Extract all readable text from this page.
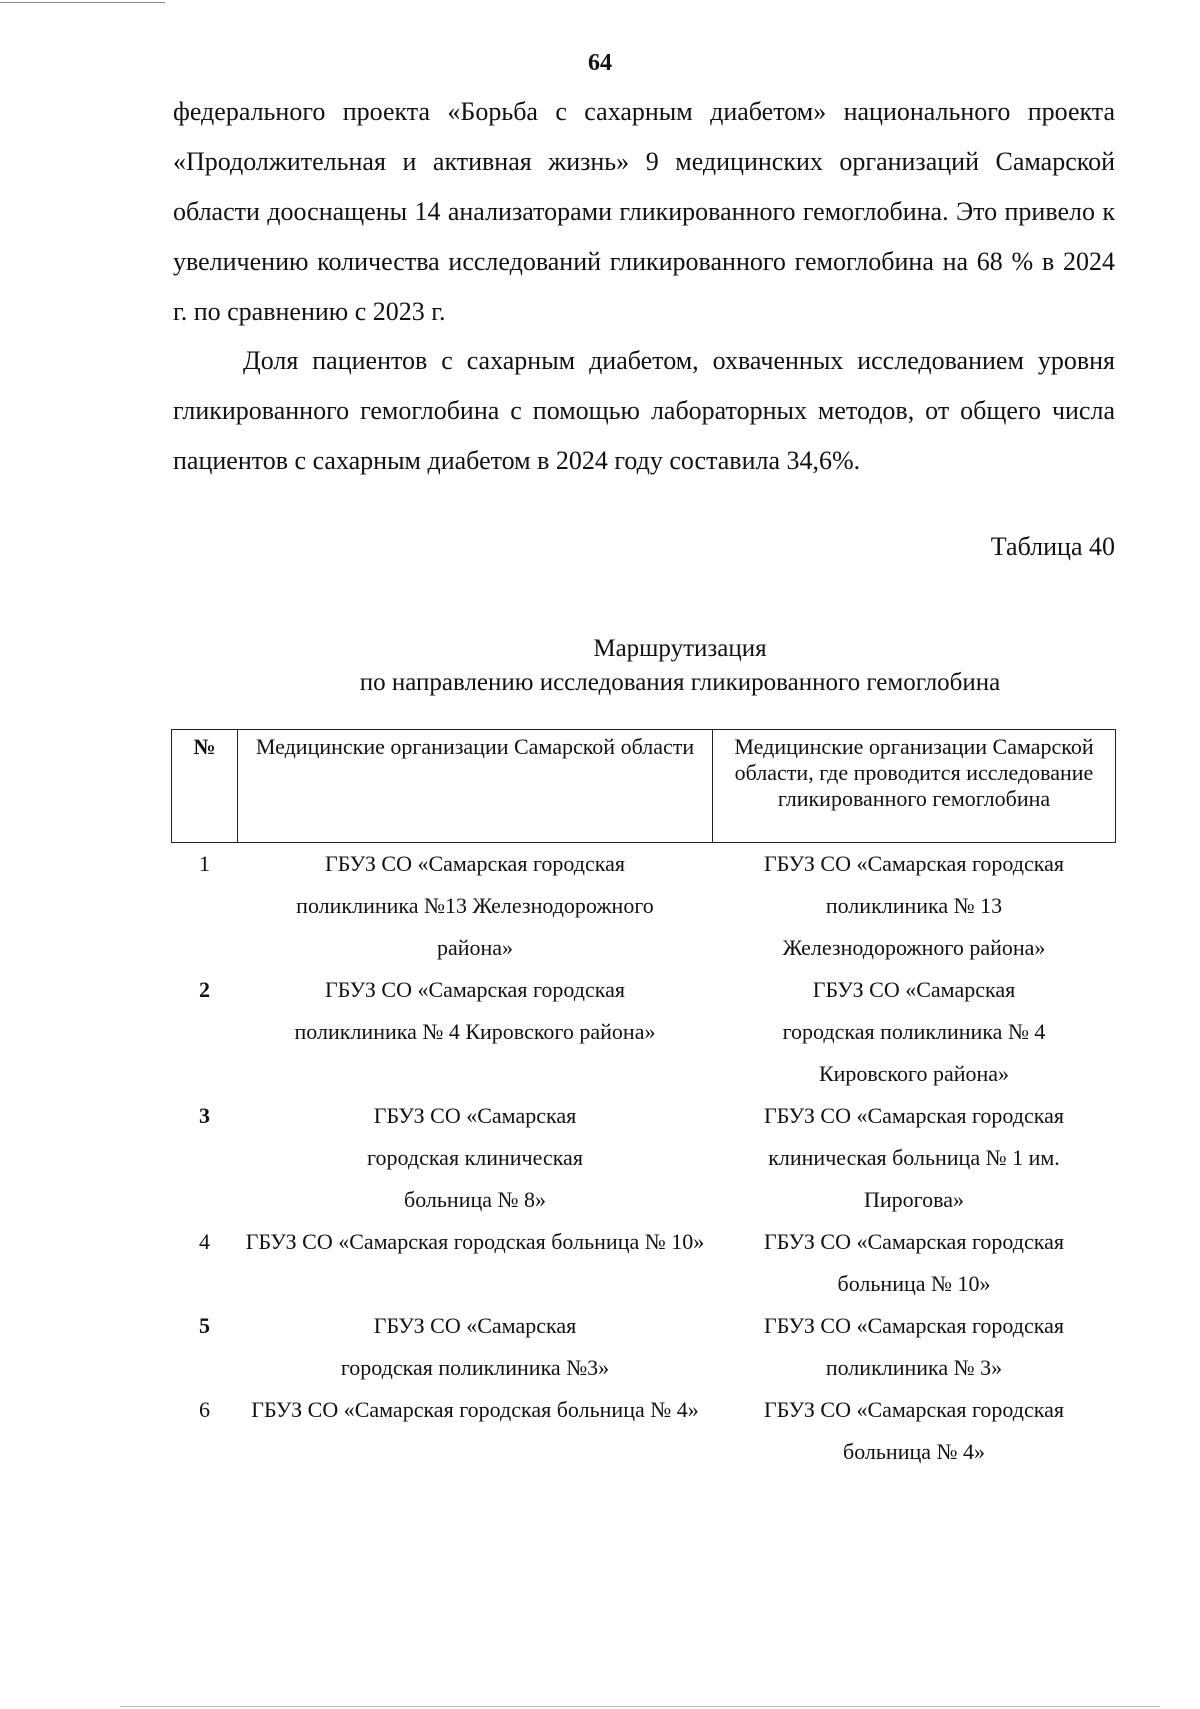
64

федерального проекта «Борьба с сахарным диабетом» национального проекта «Продолжительная и активная жизнь» 9 медицинских организаций Самарской области дооснащены 14 анализаторами гликированного гемоглобина. Это привело к увеличению количества исследований гликированного гемоглобина на 68 % в 2024 г. по сравнению с 2023 г.

Доля пациентов с сахарным диабетом, охваченных исследованием уровня гликированного гемоглобина с помощью лабораторных методов, от общего числа пациентов с сахарным диабетом в 2024 году составила 34,6%.

Таблица 40

Маршрутизация
по направлению исследования гликированного гемоглобина
№	Медицинские организации Самарской области	Медицинские организации Самарской области, где проводится исследование гликированного гемоглобина
1	ГБУЗ СО «Самарская городская поликлиника №13 Железнодорожного района»	ГБУЗ СО «Самарская городская поликлиника № 13 Железнодорожного района»
2	ГБУЗ СО «Самарская городская поликлиника № 4 Кировского района»	ГБУЗ СО «Самарская городская поликлиника № 4 Кировского района»
3	ГБУЗ СО «Самарская городская клиническая больница № 8»	ГБУЗ СО «Самарская городская клиническая больница № 1 им. Пирогова»
4	ГБУЗ СО «Самарская городская больница № 10»	ГБУЗ СО «Самарская городская больница № 10»
5	ГБУЗ СО «Самарская городская поликлиника №3»	ГБУЗ СО «Самарская городская поликлиника № 3»
6	ГБУЗ СО «Самарская городская больница № 4»	ГБУЗ СО «Самарская городская больница № 4»
